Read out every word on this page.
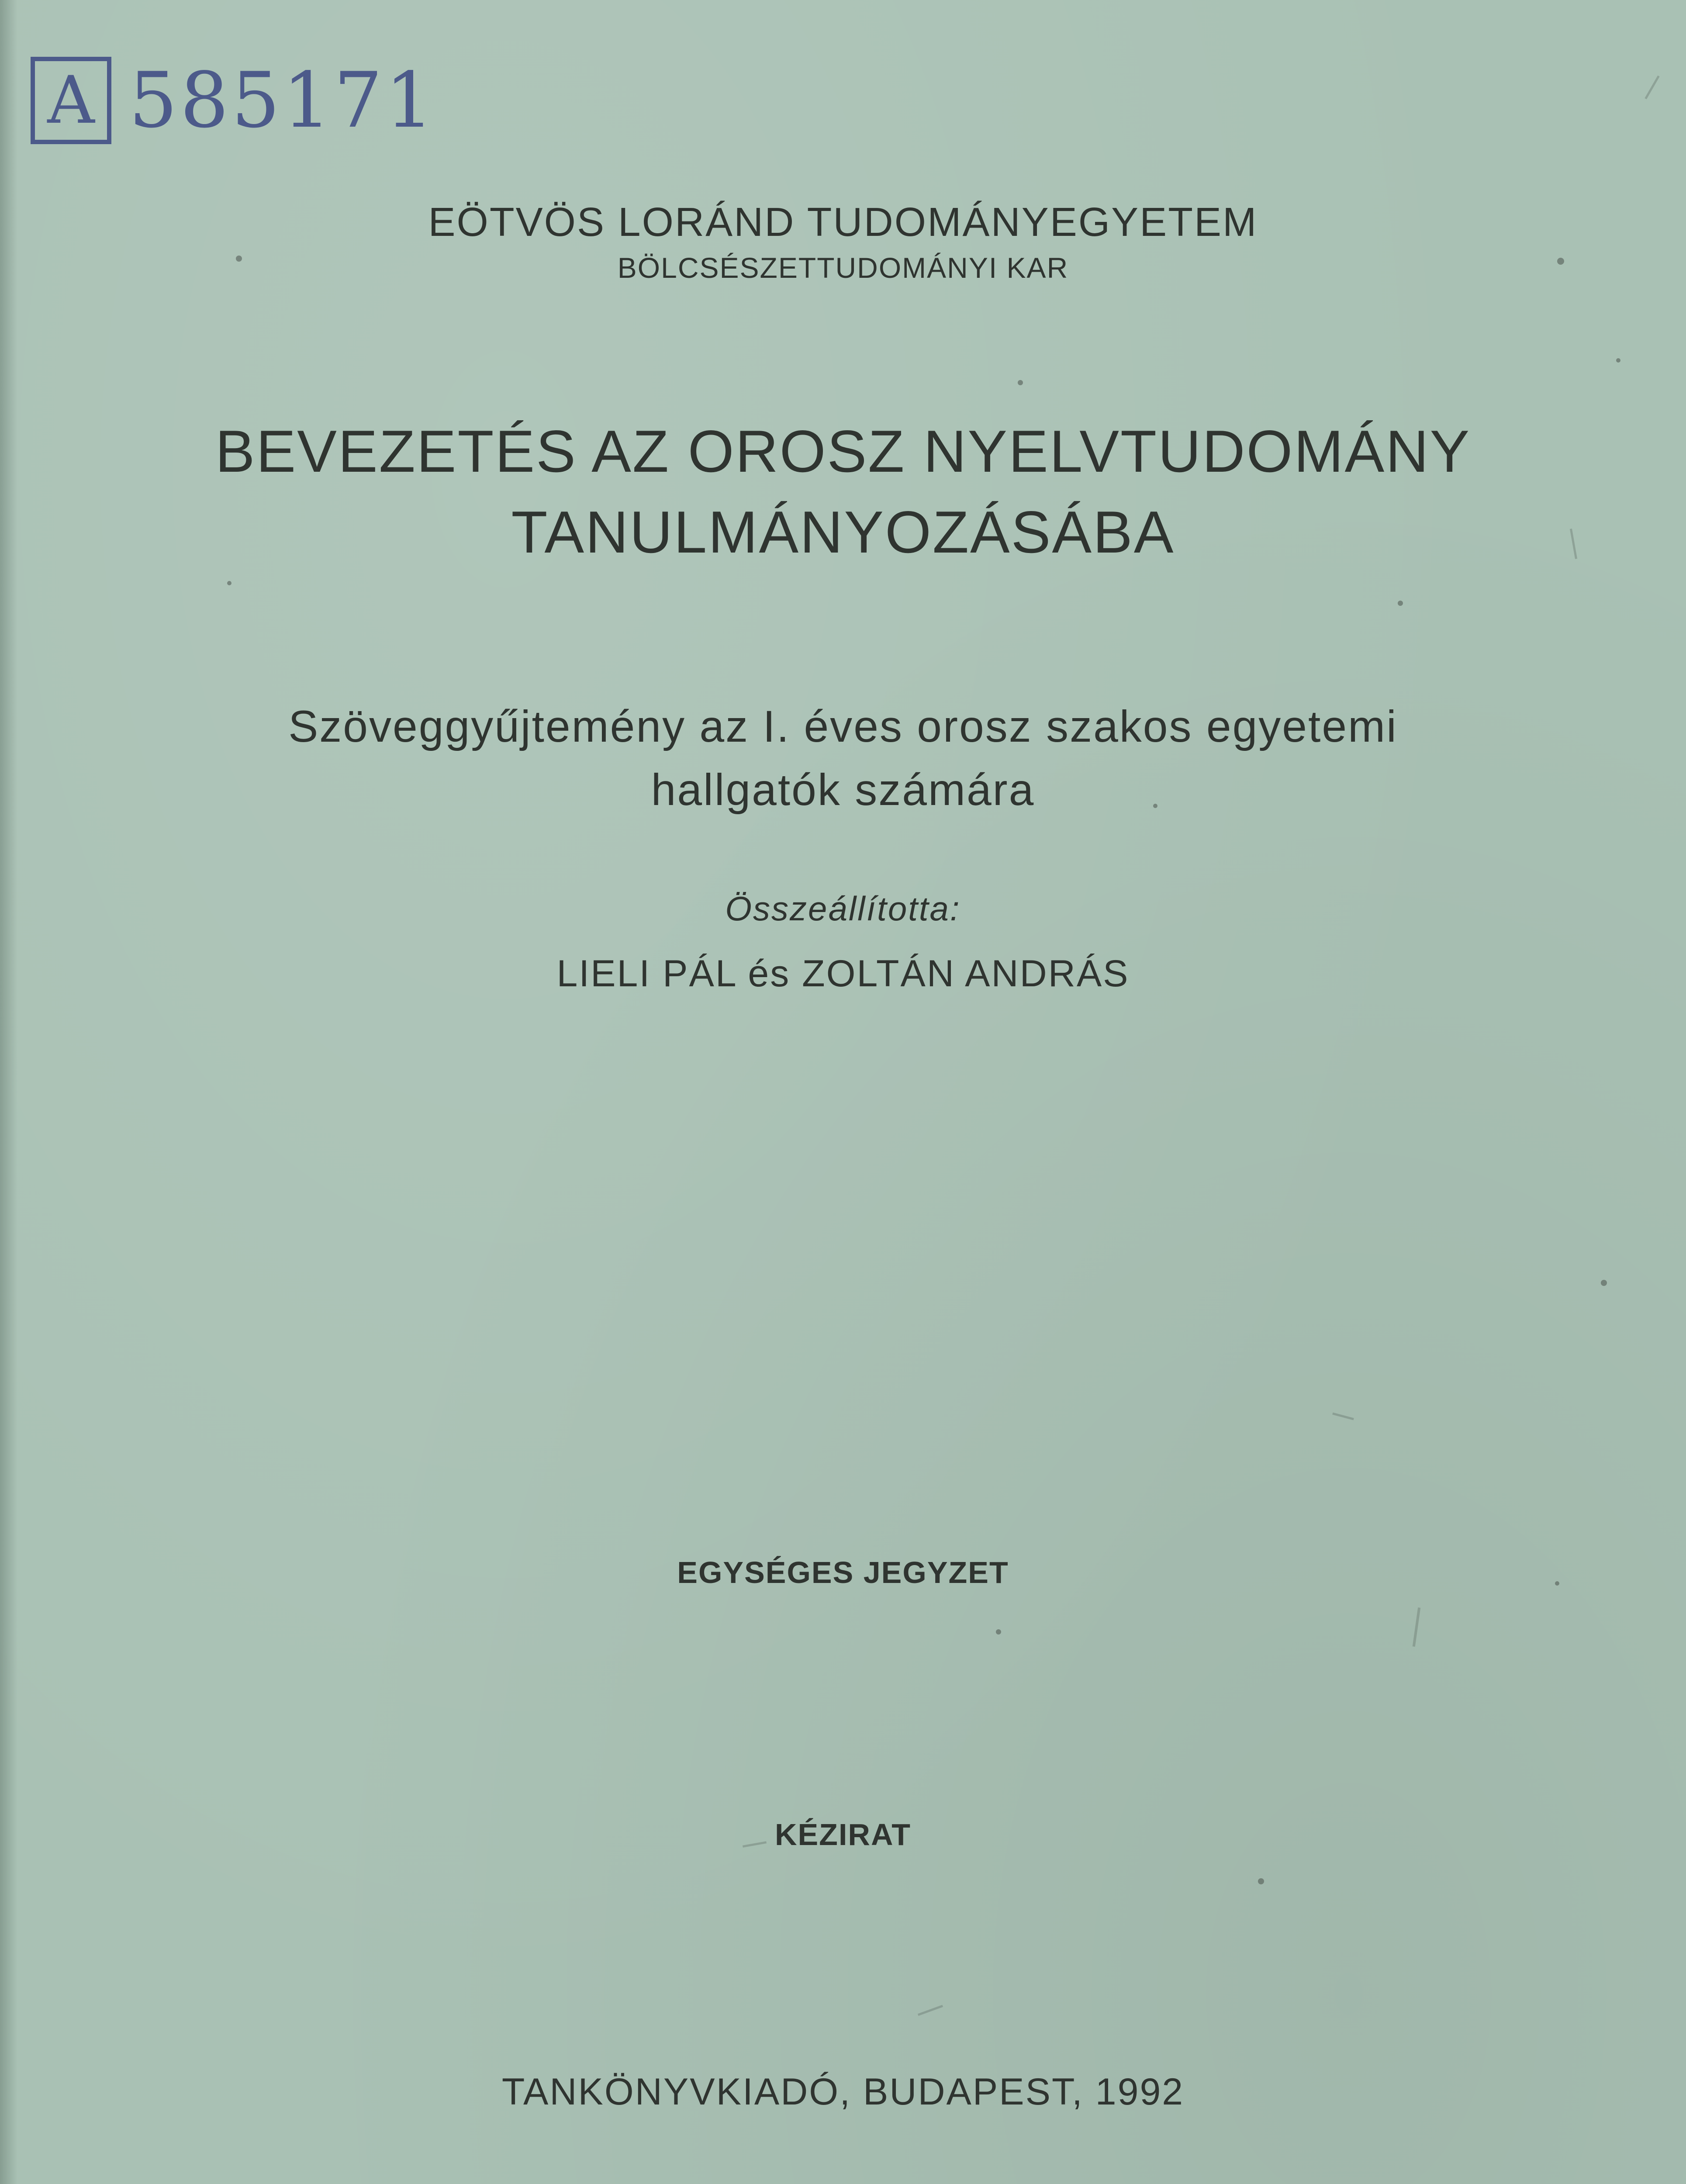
A 585171
EÖTVÖS LORÁND TUDOMÁNYEGYETEM
BÖLCSÉSZETTUDOMÁNYI KAR
BEVEZETÉS AZ OROSZ NYELVTUDOMÁNY
TANULMÁNYOZÁSÁBA
Szöveggyűjtemény az I. éves orosz szakos egyetemi
hallgatók számára
Összeállította:
LIELI PÁL és ZOLTÁN ANDRÁS
EGYSÉGES JEGYZET
KÉZIRAT
TANKÖNYVKIADÓ, BUDAPEST, 1992
